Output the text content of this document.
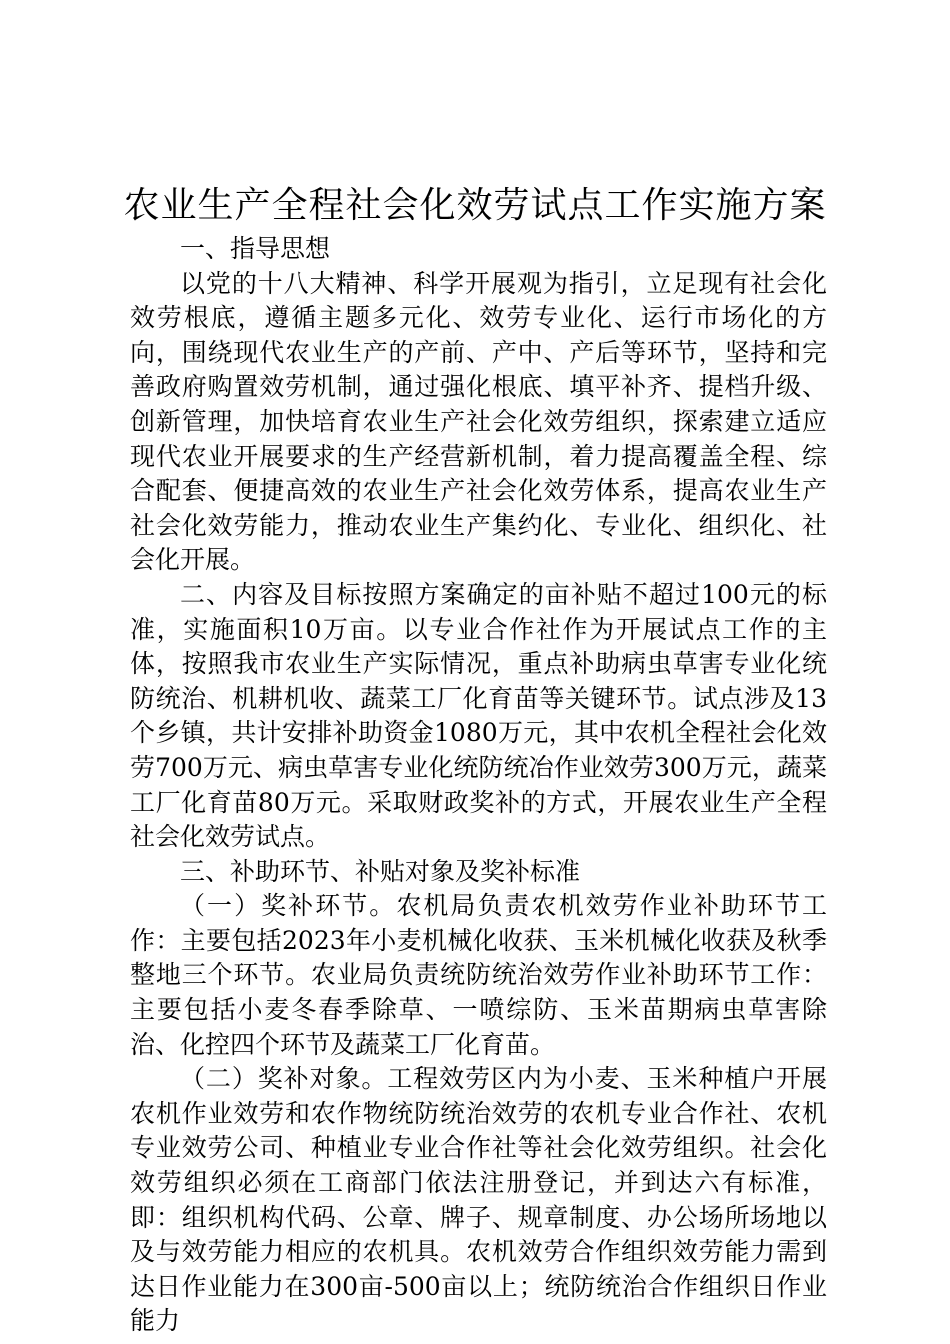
农业生产全程社会化效劳试点工作实施方案

一、指导思想

以党的十八大精神、科学开展观为指引，立足现有社会化效劳根底，遵循主题多元化、效劳专业化、运行市场化的方向，围绕现代农业生产的产前、产中、产后等环节，坚持和完善政府购置效劳机制，通过强化根底、填平补齐、提档升级、创新管理，加快培育农业生产社会化效劳组织，探索建立适应现代农业开展要求的生产经营新机制，着力提高覆盖全程、综合配套、便捷高效的农业生产社会化效劳体系，提高农业生产社会化效劳能力，推动农业生产集约化、专业化、组织化、社会化开展。

二、内容及目标按照方案确定的亩补贴不超过100元的标准，实施面积10万亩。以专业合作社作为开展试点工作的主体，按照我市农业生产实际情况，重点补助病虫草害专业化统防统治、机耕机收、蔬菜工厂化育苗等关键环节。试点涉及13个乡镇，共计安排补助资金1080万元，其中农机全程社会化效劳700万元、病虫草害专业化统防统冶作业效劳300万元，蔬菜工厂化育苗80万元。采取财政奖补的方式，开展农业生产全程社会化效劳试点。

三、补助环节、补贴对象及奖补标准

（一）奖补环节。农机局负责农机效劳作业补助环节工作：主要包括2023年小麦机械化收获、玉米机械化收获及秋季整地三个环节。农业局负责统防统治效劳作业补助环节工作：主要包括小麦冬春季除草、一喷综防、玉米苗期病虫草害除治、化控四个环节及蔬菜工厂化育苗。

（二）奖补对象。工程效劳区内为小麦、玉米种植户开展农机作业效劳和农作物统防统治效劳的农机专业合作社、农机专业效劳公司、种植业专业合作社等社会化效劳组织。社会化效劳组织必须在工商部门依法注册登记，并到达六有标准，即：组织机构代码、公章、牌子、规章制度、办公场所场地以及与效劳能力相应的农机具。农机效劳合作组织效劳能力需到达日作业能力在300亩-500亩以上；统防统治合作组织日作业能力
